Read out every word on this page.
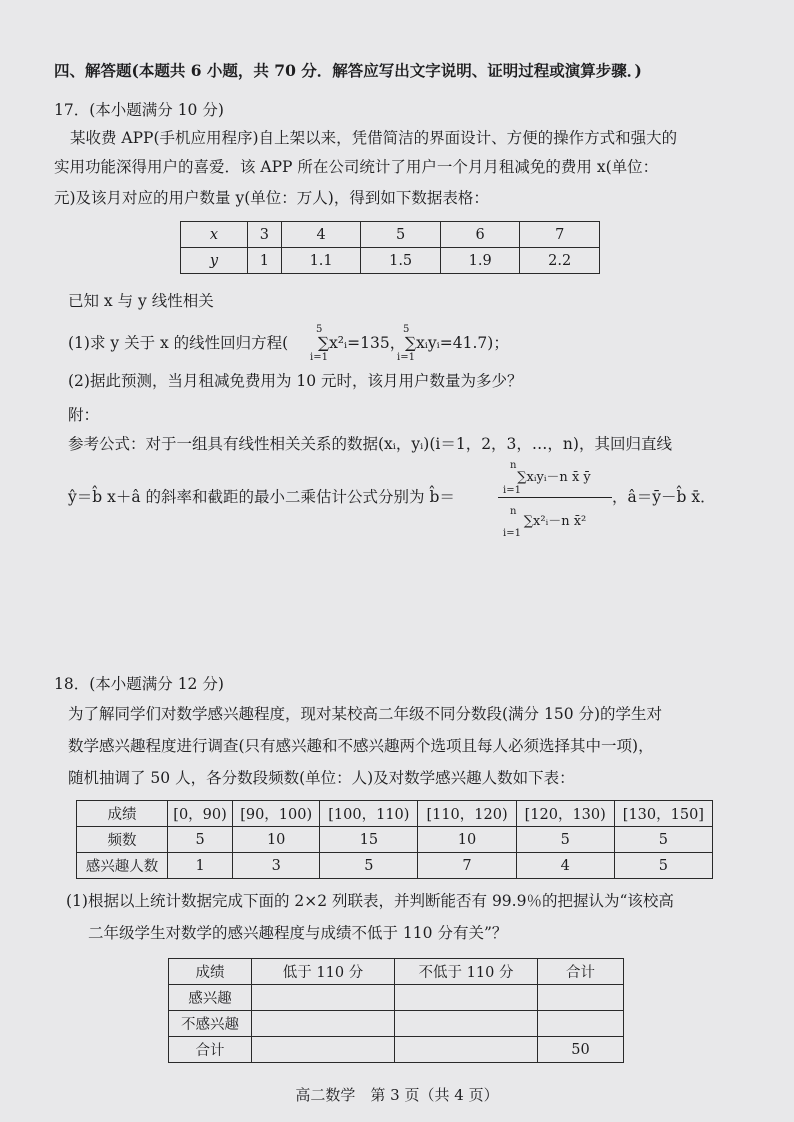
四、解答题(本题共 6 小题，共 70 分．解答应写出文字说明、证明过程或演算步骤．)
17．(本小题满分 10 分)
某收费 APP(手机应用程序)自上架以来，凭借简洁的界面设计、方便的操作方式和强大的
实用功能深得用户的喜爱．该 APP 所在公司统计了用户一个月月租减免的费用 x(单位：
元)及该月对应的用户数量 y(单位：万人)，得到如下数据表格：
x	3	4	5	6	7
y	1	1.1	1.5	1.9	2.2
已知 x 与 y 线性相关
(1)求 y 关于 x 的线性回归方程( ∑x²ᵢ=135， ∑xᵢyᵢ=41.7)；
5
i=1
5
i=1
(2)据此预测，当月租减免费用为 10 元时，该月用户数量为多少？
附：
参考公式：对于一组具有线性相关关系的数据(xᵢ，yᵢ)(i＝1，2，3，…，n)，其回归直线
ŷ＝b̂ x＋â 的斜率和截距的最小二乘估计公式分别为 b̂＝
n
∑xᵢyᵢ－n x̄ ȳ
i=1
n
∑x²ᵢ－n x̄²
i=1
，â＝ȳ－b̂ x̄．
18．(本小题满分 12 分)
为了解同学们对数学感兴趣程度，现对某校高二年级不同分数段(满分 150 分)的学生对
数学感兴趣程度进行调查(只有感兴趣和不感兴趣两个选项且每人必须选择其中一项)，
随机抽调了 50 人，各分数段频数(单位：人)及对数学感兴趣人数如下表：
成绩	[0，90)	[90，100)	[100，110)	[110，120)	[120，130)	[130，150]
频数	5	10	15	10	5	5
感兴趣人数	1	3	5	7	4	5
(1)根据以上统计数据完成下面的 2×2 列联表，并判断能否有 99.9％的把握认为“该校高
二年级学生对数学的感兴趣程度与成绩不低于 110 分有关”？
成绩	低于 110 分	不低于 110 分	合计
感兴趣			
不感兴趣			
合计			50
高二数学　第 3 页（共 4 页）
